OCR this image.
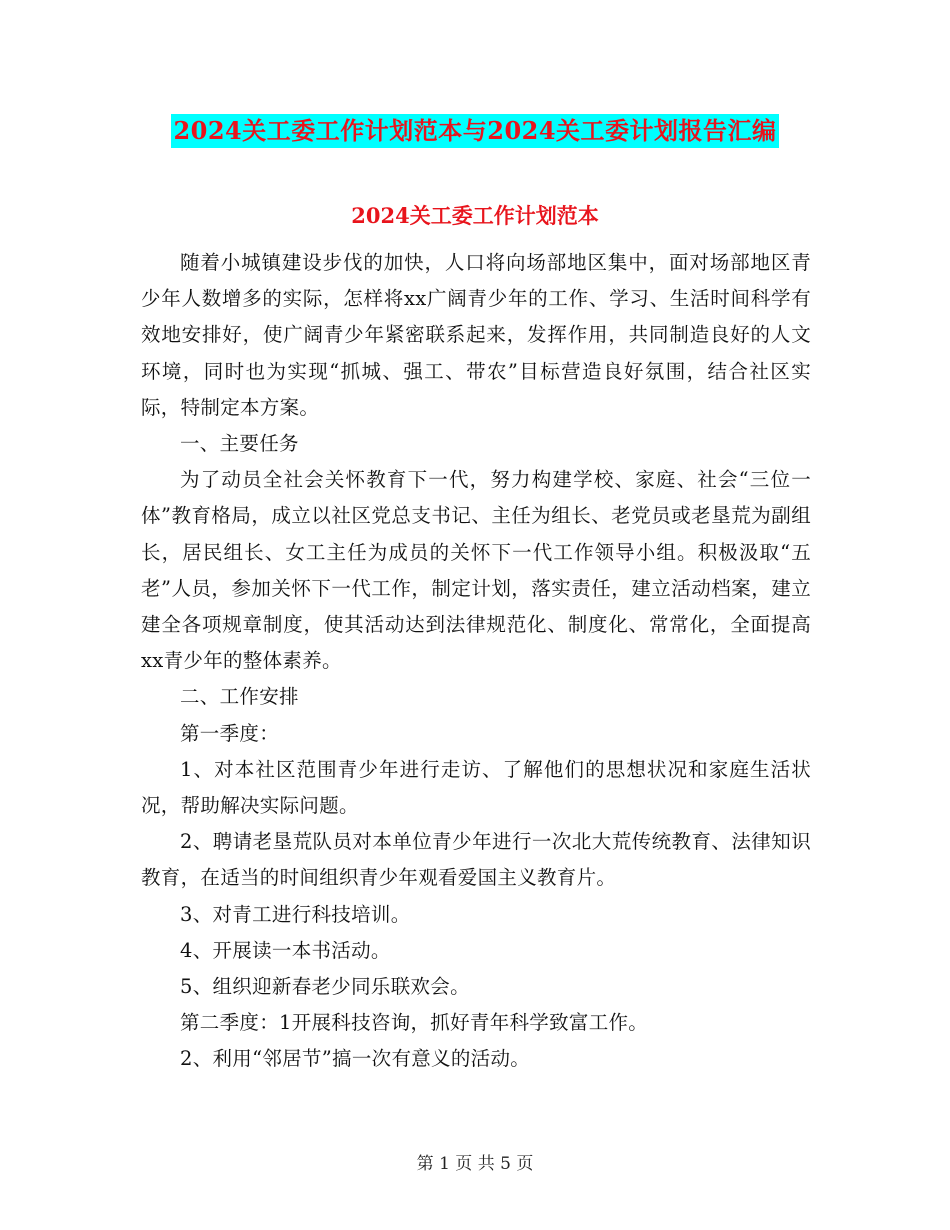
2024关工委工作计划范本与2024关工委计划报告汇编
2024关工委工作计划范本

随着小城镇建设步伐的加快，人口将向场部地区集中，面对场部地区青少年人数增多的实际，怎样将xx广阔青少年的工作、学习、生活时间科学有效地安排好，使广阔青少年紧密联系起来，发挥作用，共同制造良好的人文环境，同时也为实现“抓城、强工、带农”目标营造良好氛围，结合社区实际，特制定本方案。

一、主要任务

为了动员全社会关怀教育下一代，努力构建学校、家庭、社会“三位一体”教育格局，成立以社区党总支书记、主任为组长、老党员或老垦荒为副组长，居民组长、女工主任为成员的关怀下一代工作领导小组。积极汲取“五老”人员，参加关怀下一代工作，制定计划，落实责任，建立活动档案，建立建全各项规章制度，使其活动达到法律规范化、制度化、常常化，全面提高xx青少年的整体素养。

二、工作安排

第一季度：

1、对本社区范围青少年进行走访、了解他们的思想状况和家庭生活状况，帮助解决实际问题。

2、聘请老垦荒队员对本单位青少年进行一次北大荒传统教育、法律知识教育，在适当的时间组织青少年观看爱国主义教育片。

3、对青工进行科技培训。

4、开展读一本书活动。

5、组织迎新春老少同乐联欢会。

第二季度：1开展科技咨询，抓好青年科学致富工作。

2、利用“邻居节”搞一次有意义的活动。

第 1 页 共 5 页
